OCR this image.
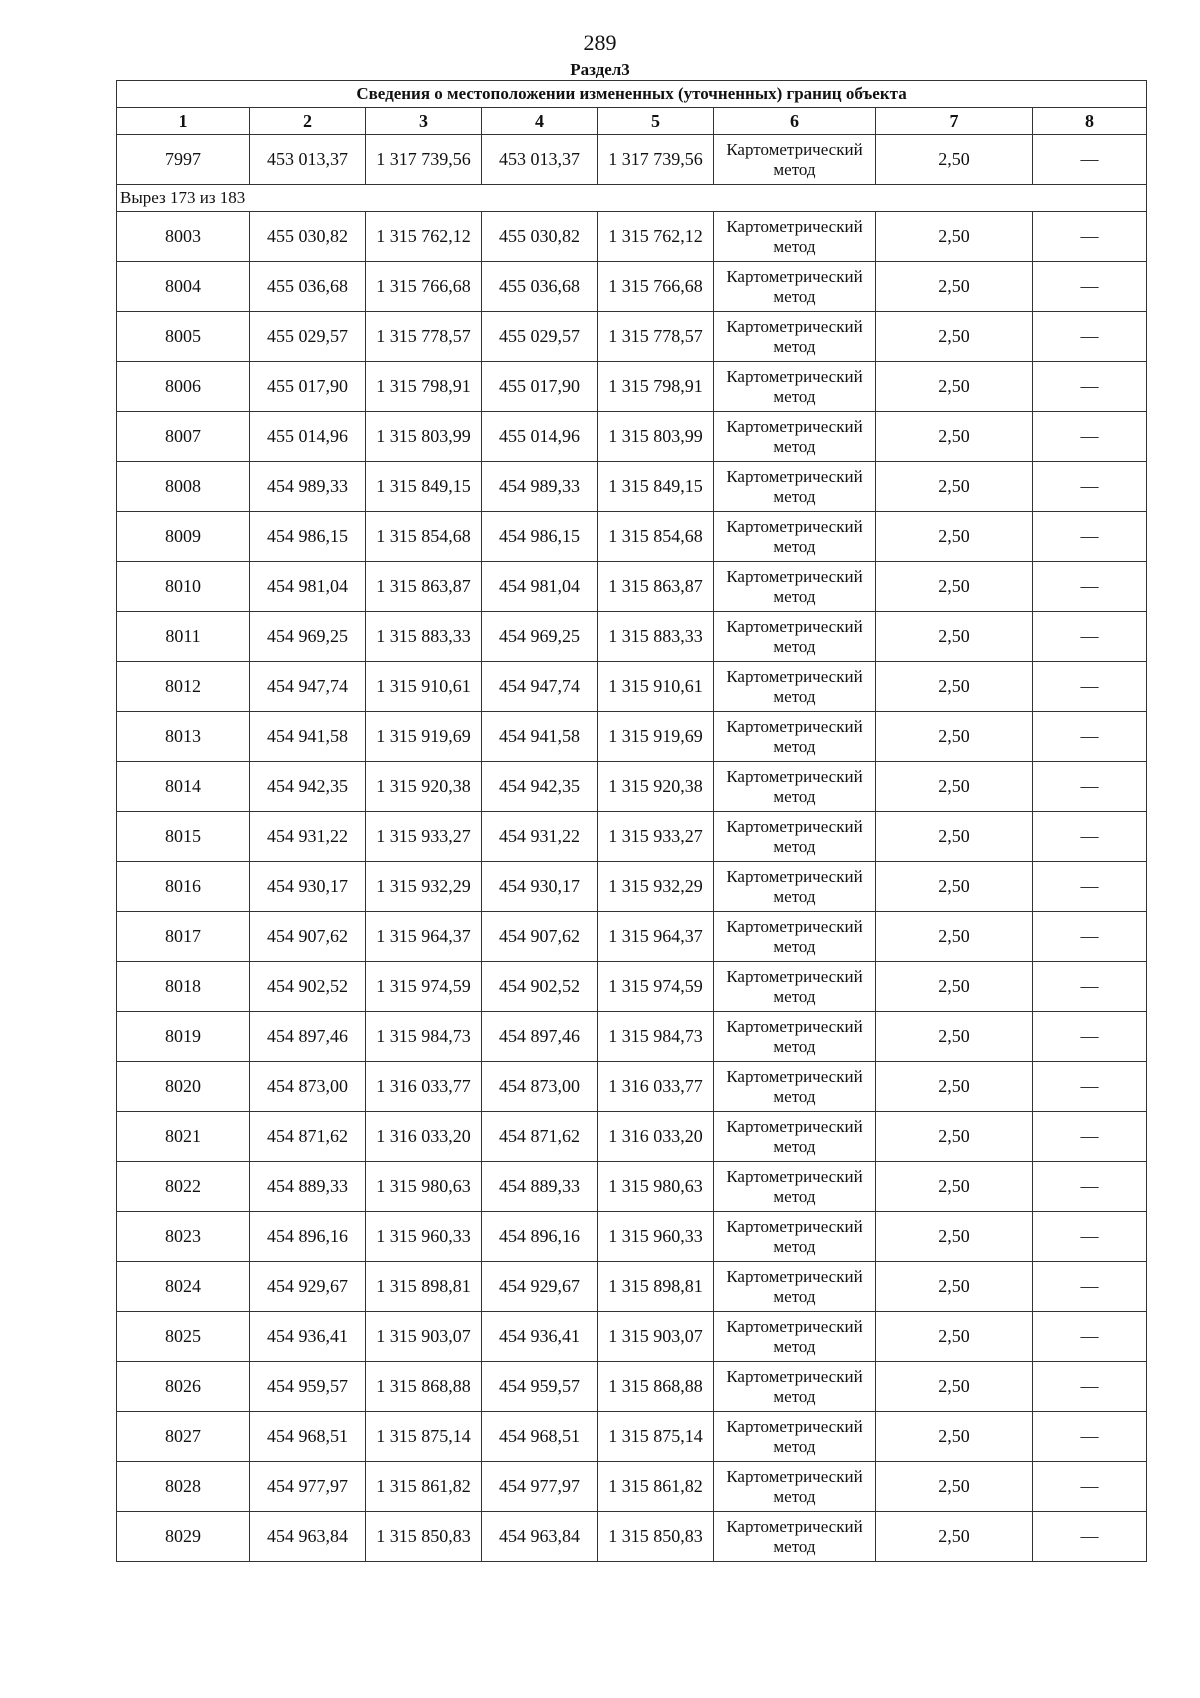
289
Раздел3
Сведения о местоположении измененных (уточненных) границ объекта							
1	2	3	4	5	6	7	8
7997	453 013,37	1 317 739,56	453 013,37	1 317 739,56	Картометрический метод	2,50	—
Вырез 173 из 183							
8003	455 030,82	1 315 762,12	455 030,82	1 315 762,12	Картометрический метод	2,50	—
8004	455 036,68	1 315 766,68	455 036,68	1 315 766,68	Картометрический метод	2,50	—
8005	455 029,57	1 315 778,57	455 029,57	1 315 778,57	Картометрический метод	2,50	—
8006	455 017,90	1 315 798,91	455 017,90	1 315 798,91	Картометрический метод	2,50	—
8007	455 014,96	1 315 803,99	455 014,96	1 315 803,99	Картометрический метод	2,50	—
8008	454 989,33	1 315 849,15	454 989,33	1 315 849,15	Картометрический метод	2,50	—
8009	454 986,15	1 315 854,68	454 986,15	1 315 854,68	Картометрический метод	2,50	—
8010	454 981,04	1 315 863,87	454 981,04	1 315 863,87	Картометрический метод	2,50	—
8011	454 969,25	1 315 883,33	454 969,25	1 315 883,33	Картометрический метод	2,50	—
8012	454 947,74	1 315 910,61	454 947,74	1 315 910,61	Картометрический метод	2,50	—
8013	454 941,58	1 315 919,69	454 941,58	1 315 919,69	Картометрический метод	2,50	—
8014	454 942,35	1 315 920,38	454 942,35	1 315 920,38	Картометрический метод	2,50	—
8015	454 931,22	1 315 933,27	454 931,22	1 315 933,27	Картометрический метод	2,50	—
8016	454 930,17	1 315 932,29	454 930,17	1 315 932,29	Картометрический метод	2,50	—
8017	454 907,62	1 315 964,37	454 907,62	1 315 964,37	Картометрический метод	2,50	—
8018	454 902,52	1 315 974,59	454 902,52	1 315 974,59	Картометрический метод	2,50	—
8019	454 897,46	1 315 984,73	454 897,46	1 315 984,73	Картометрический метод	2,50	—
8020	454 873,00	1 316 033,77	454 873,00	1 316 033,77	Картометрический метод	2,50	—
8021	454 871,62	1 316 033,20	454 871,62	1 316 033,20	Картометрический метод	2,50	—
8022	454 889,33	1 315 980,63	454 889,33	1 315 980,63	Картометрический метод	2,50	—
8023	454 896,16	1 315 960,33	454 896,16	1 315 960,33	Картометрический метод	2,50	—
8024	454 929,67	1 315 898,81	454 929,67	1 315 898,81	Картометрический метод	2,50	—
8025	454 936,41	1 315 903,07	454 936,41	1 315 903,07	Картометрический метод	2,50	—
8026	454 959,57	1 315 868,88	454 959,57	1 315 868,88	Картометрический метод	2,50	—
8027	454 968,51	1 315 875,14	454 968,51	1 315 875,14	Картометрический метод	2,50	—
8028	454 977,97	1 315 861,82	454 977,97	1 315 861,82	Картометрический метод	2,50	—
8029	454 963,84	1 315 850,83	454 963,84	1 315 850,83	Картометрический метод	2,50	—
